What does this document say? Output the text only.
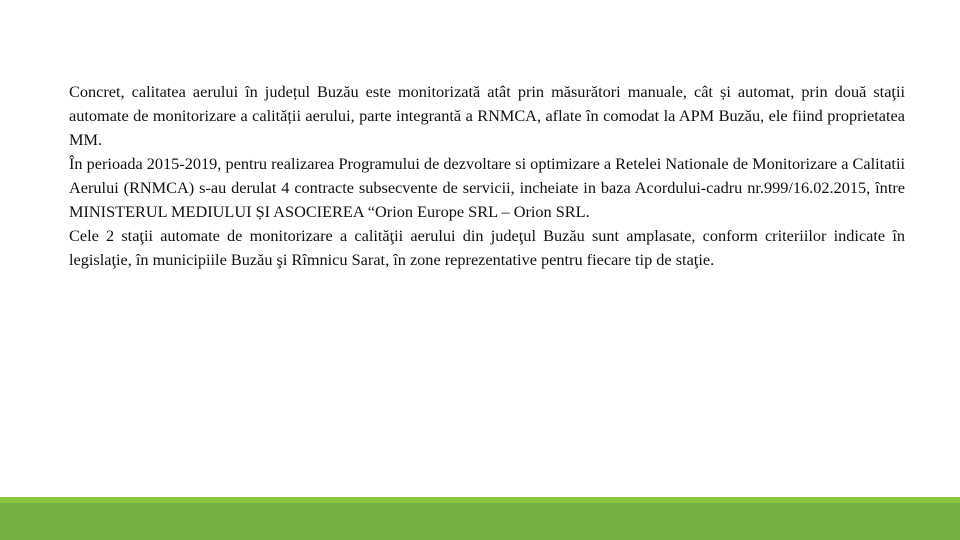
Concret, calitatea aerului în județul Buzău este monitorizată atât prin măsurători manuale, cât și automat, prin două staţii automate de monitorizare a calității aerului, parte integrantă a RNMCA, aflate în comodat la APM Buzău, ele fiind proprietatea MM.

În perioada 2015-2019, pentru realizarea Programului de dezvoltare si optimizare a Retelei Nationale de Monitorizare a Calitatii Aerului (RNMCA) s-au derulat 4 contracte subsecvente de servicii, incheiate in baza Acordului-cadru nr.999/16.02.2015, între MINISTERUL MEDIULUI ȘI ASOCIEREA “Orion Europe SRL – Orion SRL.

Cele 2 staţii automate de monitorizare a calităţii aerului din judeţul Buzău sunt amplasate, conform criteriilor indicate în legislaţie, în municipiile Buzău şi Rîmnicu Sarat, în zone reprezentative pentru fiecare tip de staţie.
